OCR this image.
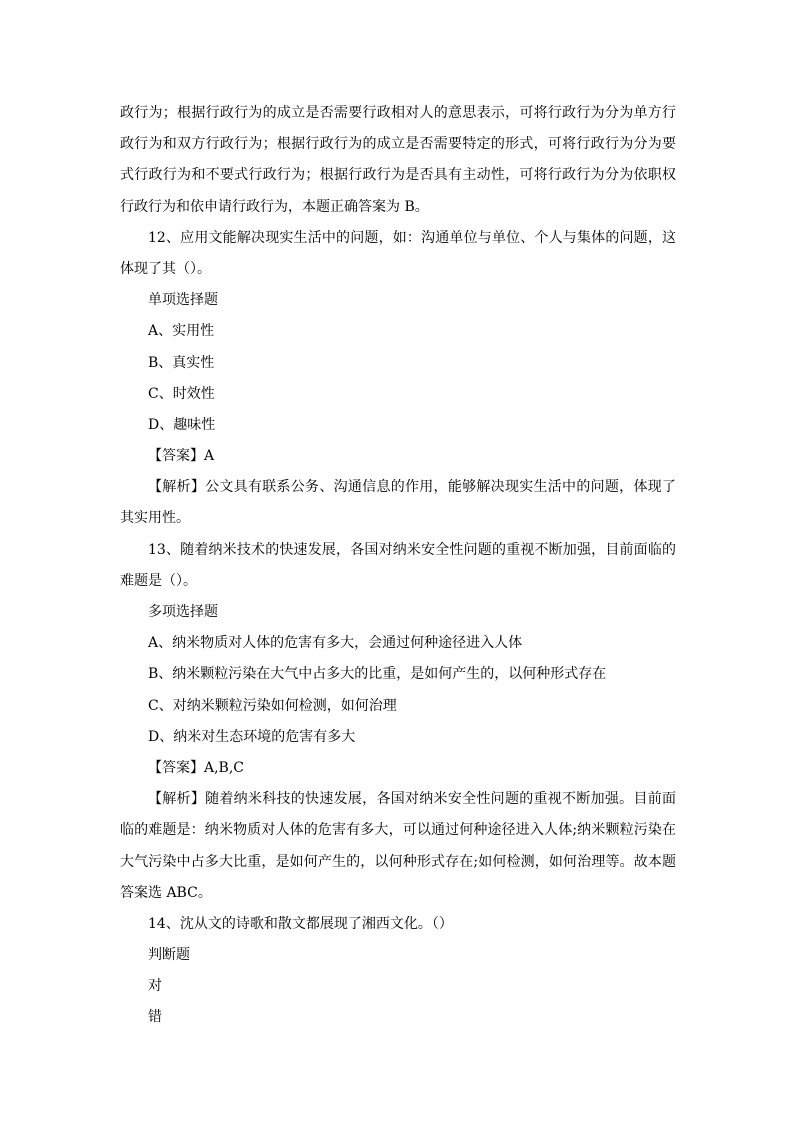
政行为；根据行政行为的成立是否需要行政相对人的意思表示，可将行政行为分为单方行
政行为和双方行政行为；根据行政行为的成立是否需要特定的形式，可将行政行为分为要
式行政行为和不要式行政行为；根据行政行为是否具有主动性，可将行政行为分为依职权
行政行为和依申请行政行为，本题正确答案为 B。
12、应用文能解决现实生活中的问题，如：沟通单位与单位、个人与集体的问题，这
体现了其（）。
单项选择题
A、实用性
B、真实性
C、时效性
D、趣味性
【答案】A
【解析】公文具有联系公务、沟通信息的作用，能够解决现实生活中的问题，体现了
其实用性。
13、随着纳米技术的快速发展，各国对纳米安全性问题的重视不断加强，目前面临的
难题是（）。
多项选择题
A、纳米物质对人体的危害有多大，会通过何种途径进入人体
B、纳米颗粒污染在大气中占多大的比重，是如何产生的，以何种形式存在
C、对纳米颗粒污染如何检测，如何治理
D、纳米对生态环境的危害有多大
【答案】A,B,C
【解析】随着纳米科技的快速发展，各国对纳米安全性问题的重视不断加强。目前面
临的难题是：纳米物质对人体的危害有多大，可以通过何种途径进入人体;纳米颗粒污染在
大气污染中占多大比重，是如何产生的，以何种形式存在;如何检测，如何治理等。故本题
答案选 ABC。
14、沈从文的诗歌和散文都展现了湘西文化。（）
判断题
对
错
